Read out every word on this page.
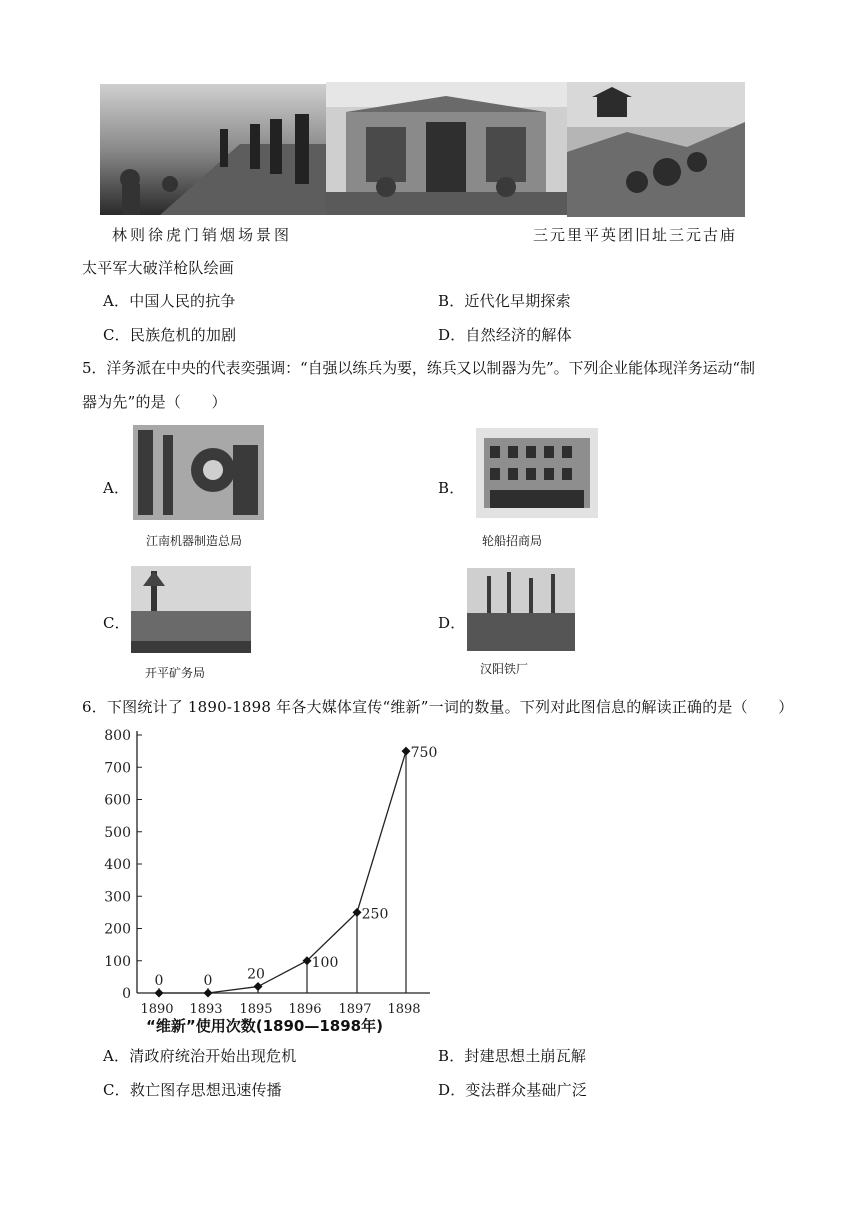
林则徐虎门销烟场景图	三元里平英团旧址三元古庙
太平军大破洋枪队绘画
A．中国人民的抗争	B．近代化早期探索
C．民族危机的加剧	D．自然经济的解体
5．洋务派在中央的代表奕强调：“自强以练兵为要，练兵又以制器为先”。下列企业能体现洋务运动“制
器为先”的是（　　）
A．
江南机器制造总局
B．
轮船招商局
C．
开平矿务局
D．
汉阳铁厂
6．下图统计了 1890-1898 年各大媒体宣传“维新”一词的数量。下列对此图信息的解读正确的是（　　）
0
100
200
300
400
500
600
700
800
1890 1893 1895 1896 1897 1898
0	0 20
100
250
750
“维新”使用次数(1890—1898年)
A．清政府统治开始出现危机	B．封建思想土崩瓦解
C．救亡图存思想迅速传播	D．变法群众基础广泛
